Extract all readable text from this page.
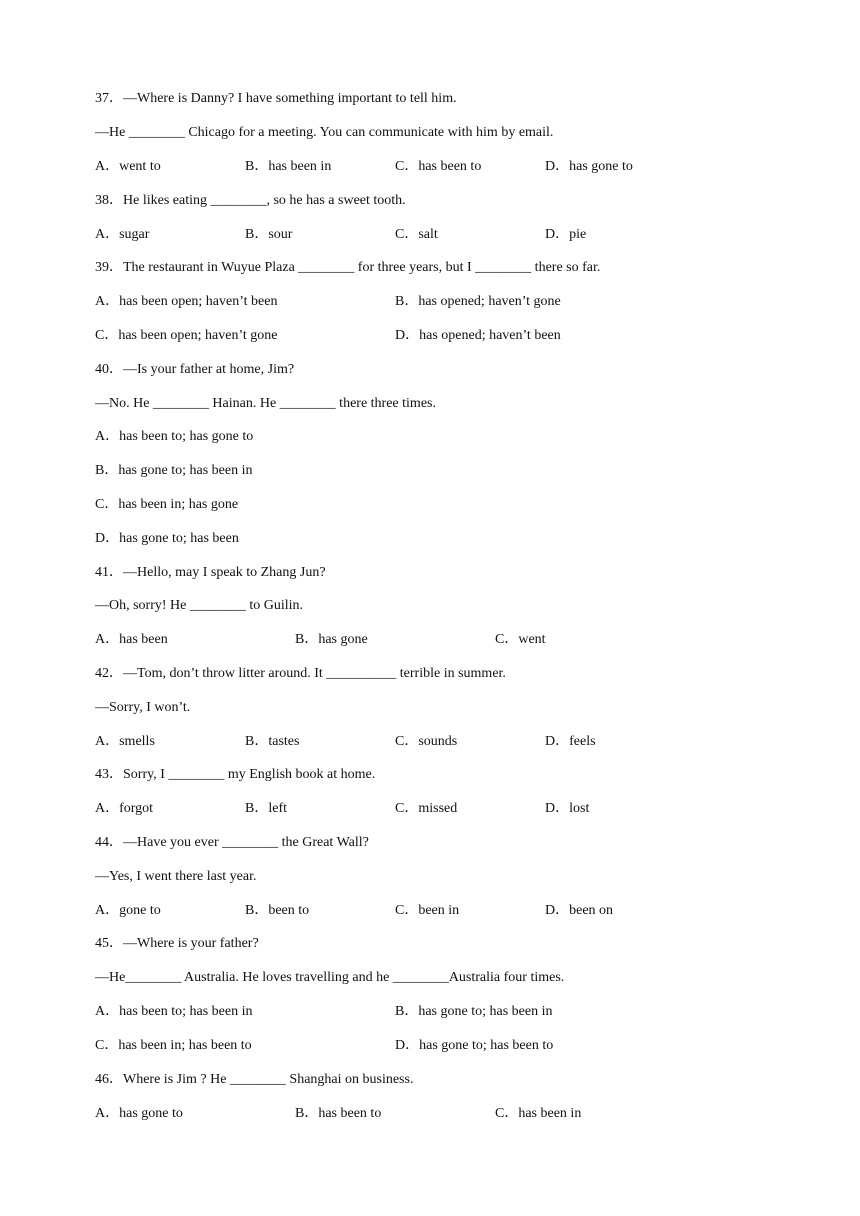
37．—Where is Danny? I have something important to tell him.

—He ________ Chicago for a meeting. You can communicate with him by email.

A．went to	B．has been in	C．has been to	D．has gone to

38．He likes eating ________, so he has a sweet tooth.

A．sugar	B．sour	C．salt	D．pie

39．The restaurant in Wuyue Plaza ________ for three years, but I ________ there so far.

A．has been open; haven’t been	B．has opened; haven’t gone
C．has been open; haven’t gone	D．has opened; haven’t been

40．—Is your father at home, Jim?

—No. He ________ Hainan. He ________ there three times.

A．has been to; has gone to
B．has gone to; has been in
C．has been in; has gone
D．has gone to; has been

41．—Hello, may I speak to Zhang Jun?

—Oh, sorry! He ________ to Guilin.

A．has been	B．has gone	C．went

42．—Tom, don’t throw litter around. It __________ terrible in summer.

—Sorry, I won’t.

A．smells	B．tastes	C．sounds	D．feels

43．Sorry, I ________ my English book at home.

A．forgot	B．left	C．missed	D．lost

44．—Have you ever ________ the Great Wall?

—Yes, I went there last year.

A．gone to	B．been to	C．been in	D．been on

45．—Where is your father?

—He________ Australia. He loves travelling and he ________Australia four times.

A．has been to; has been in	B．has gone to; has been in
C．has been in; has been to	D．has gone to; has been to

46．Where is Jim ? He ________ Shanghai on business.

A．has gone to	B．has been to	C．has been in
